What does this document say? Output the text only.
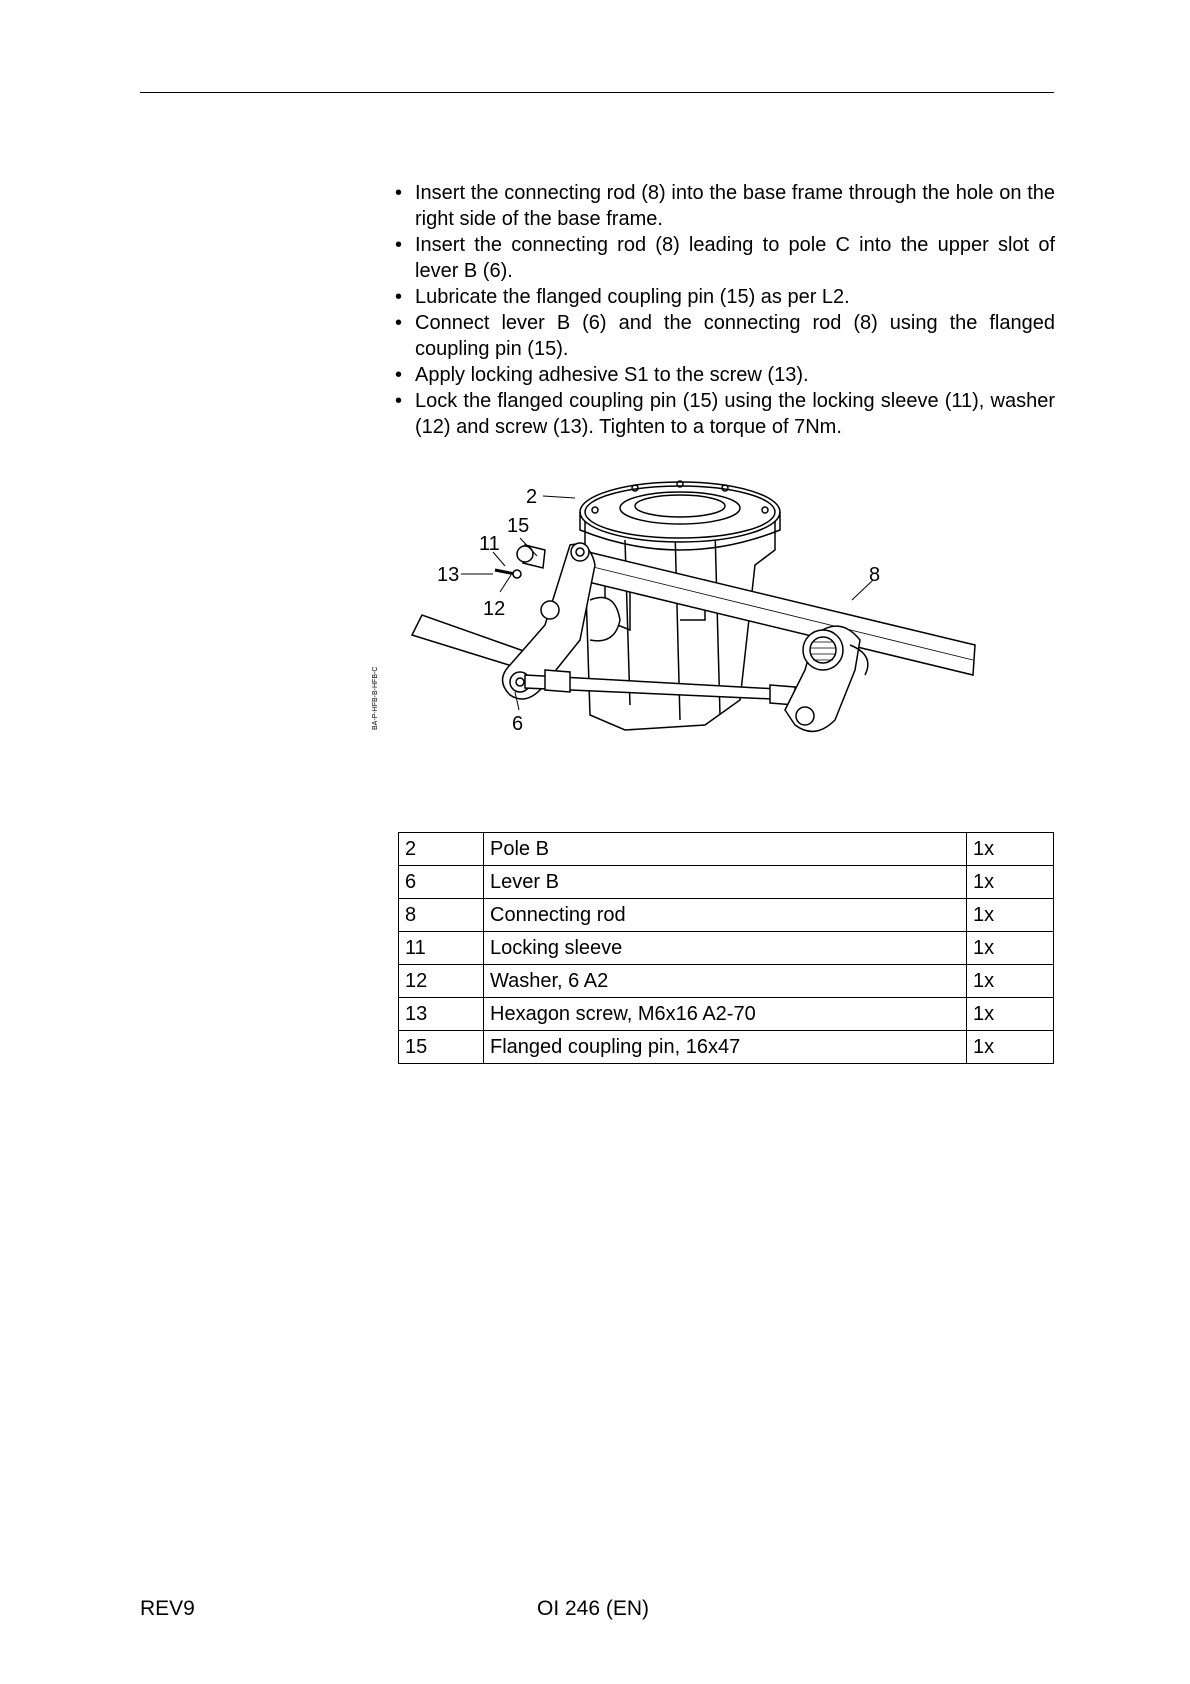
• Insert the connecting rod (8) into the base frame through the hole on the right side of the base frame.
• Insert the connecting rod (8) leading to pole C into the upper slot of lever B (6).
• Lubricate the flanged coupling pin (15) as per L2.
• Connect lever B (6) and the connecting rod (8) using the flanged coupling pin (15).
• Apply locking adhesive S1 to the screw (13).
• Lock the flanged coupling pin (15) using the locking sleeve (11), washer (12) and screw (13). Tighten to a torque of 7Nm.
2
15
11
13	8
12
6
BA-P-HFB-B-HFB-C
2	Pole B	1x
6	Lever B	1x
8	Connecting rod	1x
11	Locking sleeve	1x
12	Washer, 6 A2	1x
13	Hexagon screw, M6x16 A2-70	1x
15	Flanged coupling pin, 16x47	1x
REV9	OI 246 (EN)
